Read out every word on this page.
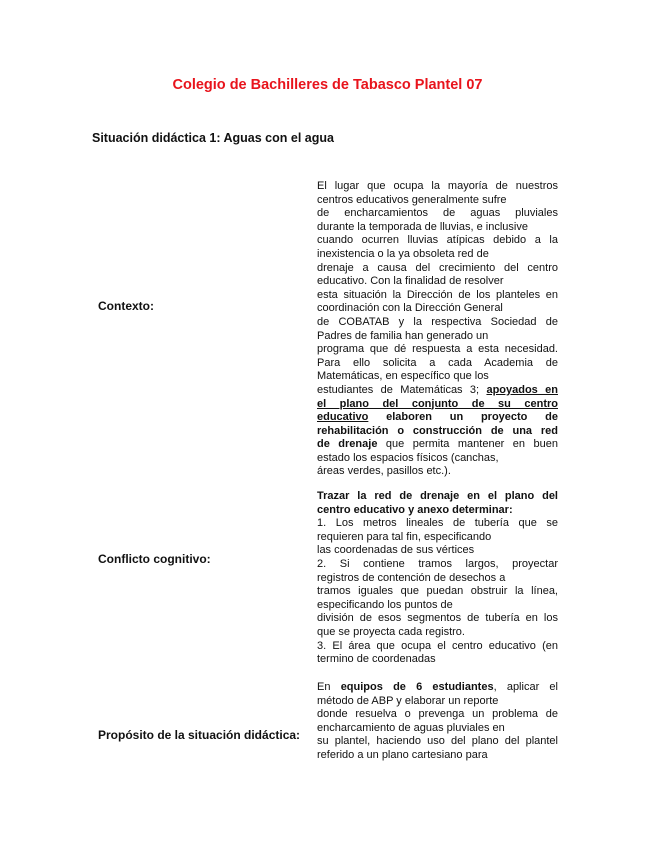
Colegio de Bachilleres de Tabasco Plantel 07
Situación didáctica 1: Aguas con el agua
Contexto:
El lugar que ocupa la mayoría de nuestros
centros educativos generalmente sufre
de encharcamientos de aguas pluviales
durante la temporada de lluvias, e inclusive
cuando ocurren lluvias atípicas debido a la
inexistencia o la ya obsoleta red de
drenaje a causa del crecimiento del centro
educativo. Con la finalidad de resolver
esta situación la Dirección de los planteles en
coordinación con la Dirección General
de COBATAB y la respectiva Sociedad de
Padres de familia han generado un
programa que dé respuesta a esta necesidad.
Para ello solicita a cada Academia de
Matemáticas, en específico que los
estudiantes de Matemáticas 3; apoyados en
el plano del conjunto de su centro
educativo elaboren un proyecto de
rehabilitación o construcción de una red
de drenaje que permita mantener en buen
estado los espacios físicos (canchas,
áreas verdes, pasillos etc.).
Conflicto cognitivo:
Trazar la red de drenaje en el plano del
centro educativo y anexo determinar:
1. Los metros lineales de tubería que se
requieren para tal fin, especificando
las coordenadas de sus vértices
2. Si contiene tramos largos, proyectar
registros de contención de desechos a
tramos iguales que puedan obstruir la línea,
especificando los puntos de
división de esos segmentos de tubería en los
que se proyecta cada registro.
3. El área que ocupa el centro educativo (en
termino de coordenadas
Propósito de la situación didáctica:
En equipos de 6 estudiantes, aplicar el
método de ABP y elaborar un reporte
donde resuelva o prevenga un problema de
encharcamiento de aguas pluviales en
su plantel, haciendo uso del plano del plantel
referido a un plano cartesiano para
